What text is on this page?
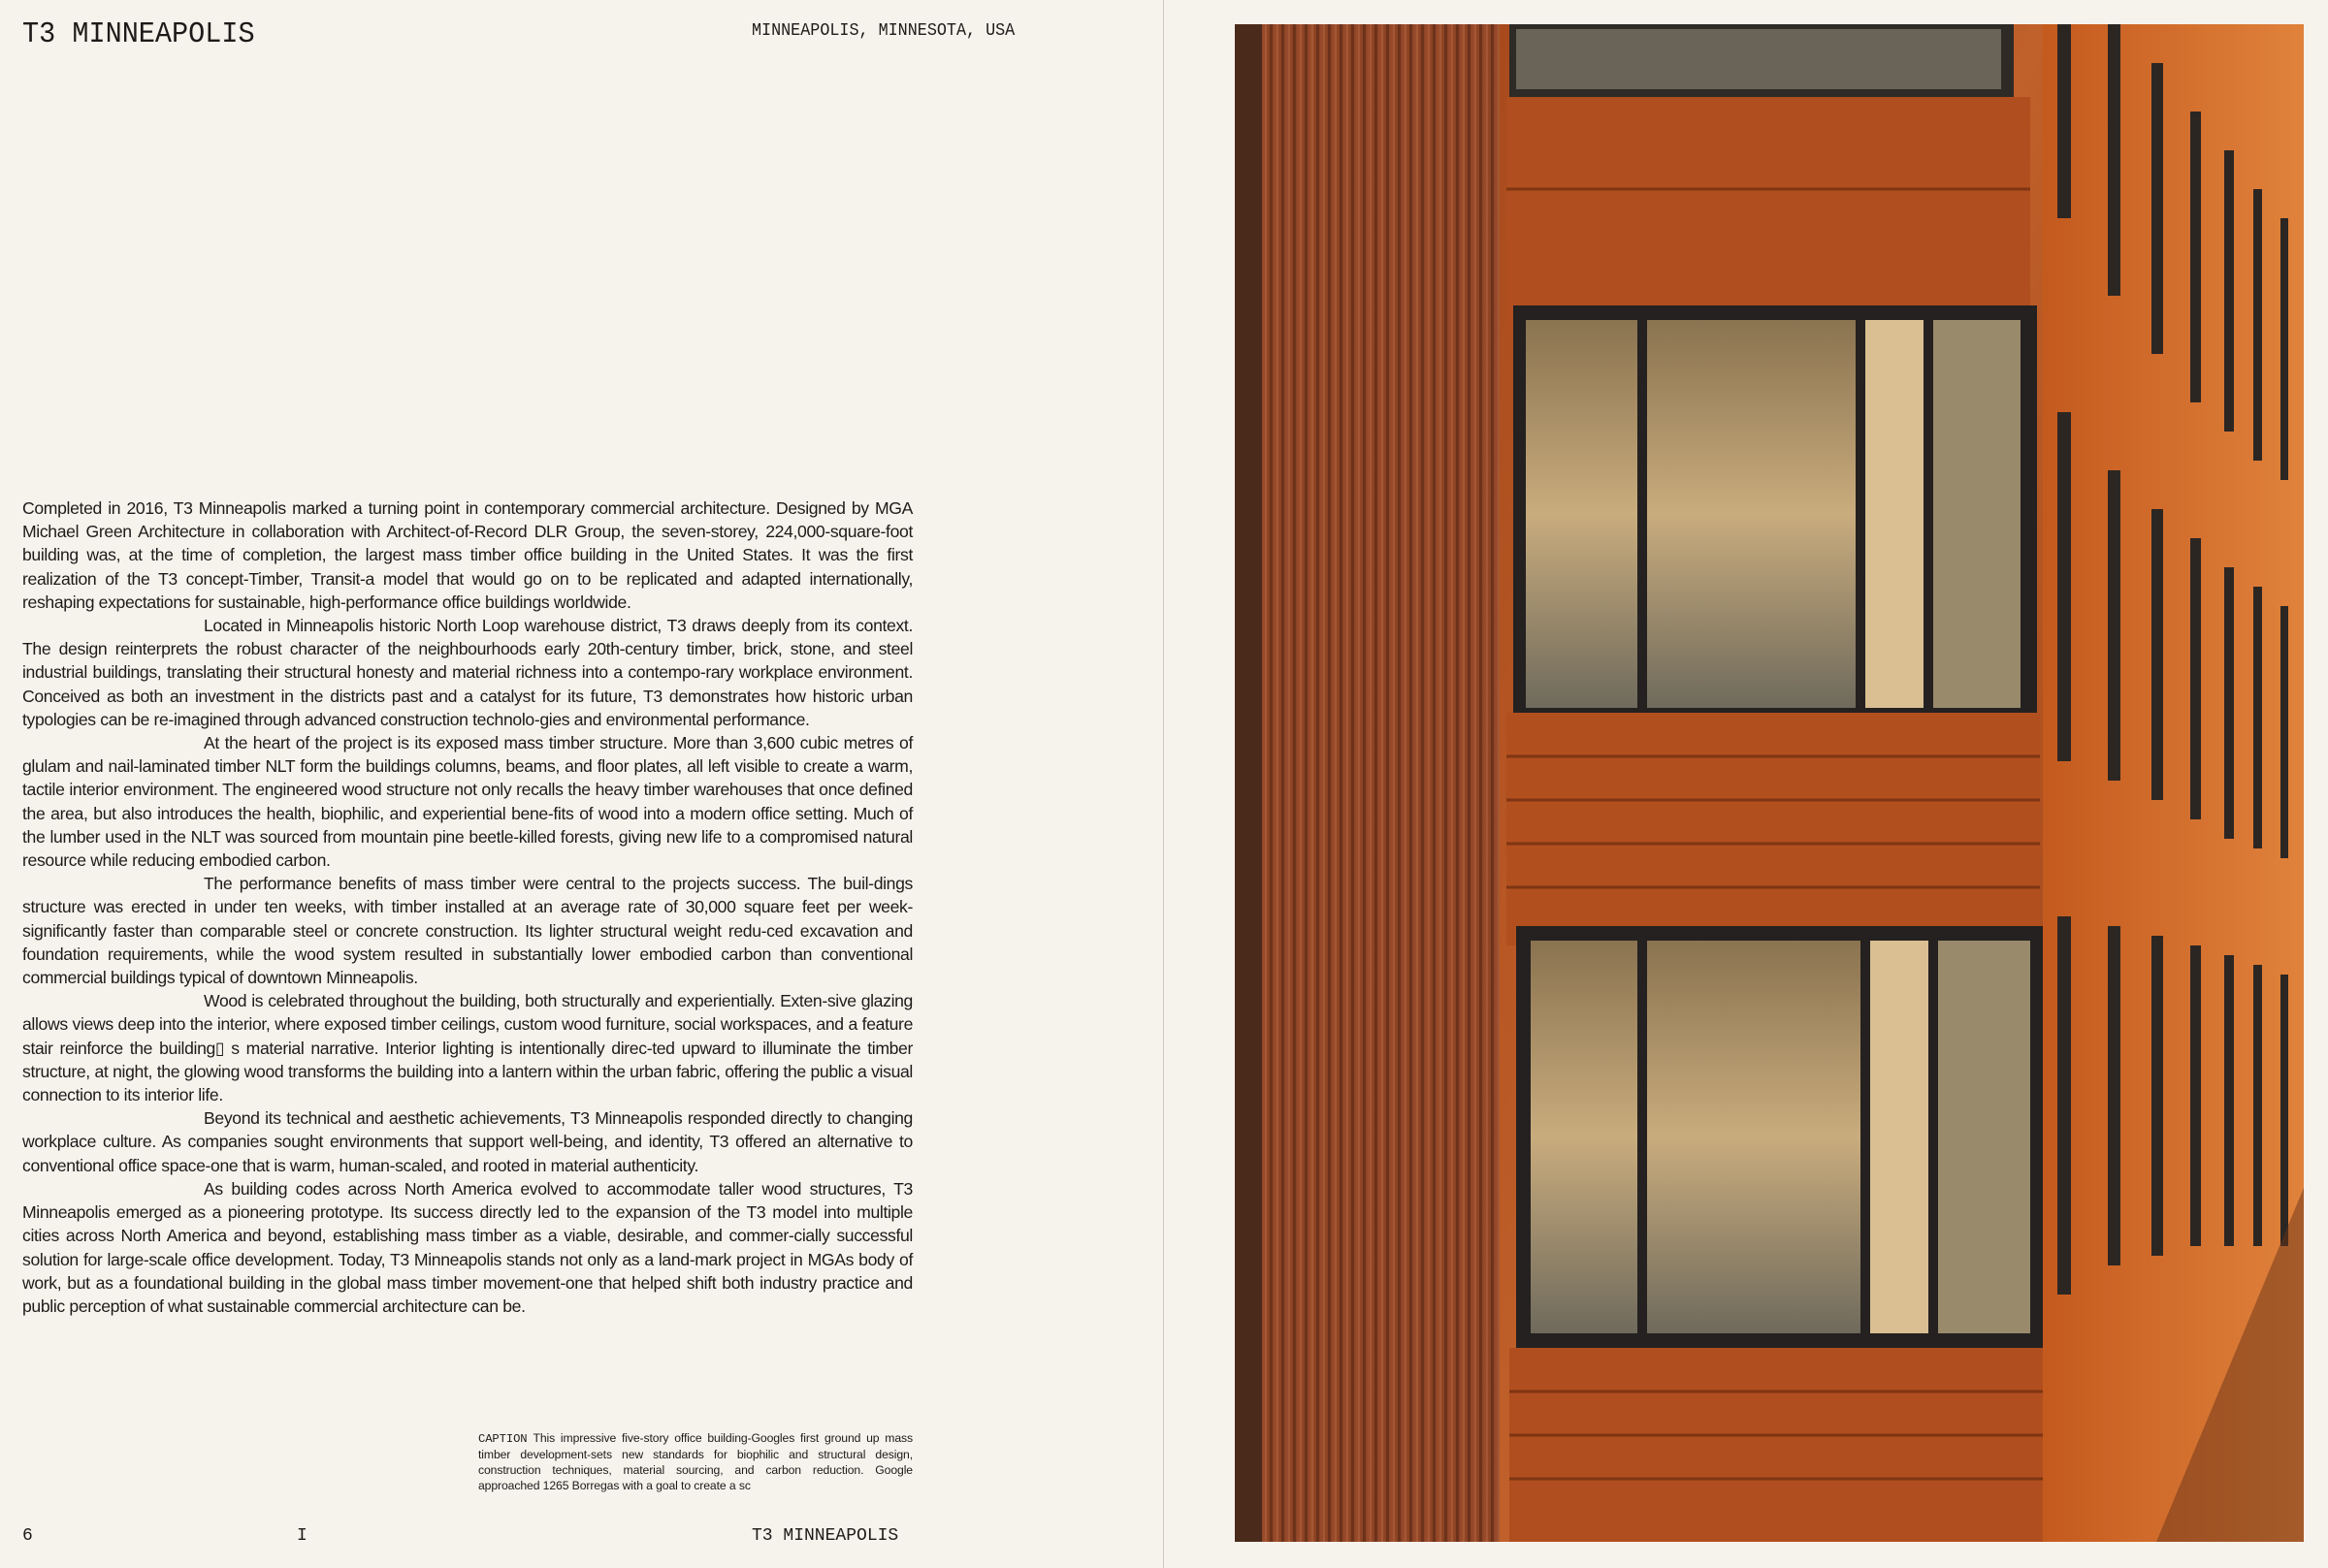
T3 MINNEAPOLIS	MINNEAPOLIS, MINNESOTA, USA

Completed in 2016, T3 Minneapolis marked a turning point in contemporary commercial architecture. Designed by MGA Michael Green Architecture in collaboration with Architect-of-Record DLR Group, the seven-storey, 224,000-square-foot building was, at the time of completion, the largest mass timber office building in the United States. It was the first realization of the T3 concept-Timber, Transit-a model that would go on to be replicated and adapted internationally, reshaping expectations for sustainable, high-performance office buildings worldwide.

Located in Minneapolis historic North Loop warehouse district, T3 draws deeply from its context. The design reinterprets the robust character of the neighbourhoods early 20th-century timber, brick, stone, and steel industrial buildings, translating their structural honesty and material richness into a contempo-rary workplace environment. Conceived as both an investment in the districts past and a catalyst for its future, T3 demonstrates how historic urban typologies can be re-imagined through advanced construction technolo-gies and environmental performance.

At the heart of the project is its exposed mass timber structure. More than 3,600 cubic metres of glulam and nail-laminated timber NLT form the buildings columns, beams, and floor plates, all left visible to create a warm, tactile interior environment. The engineered wood structure not only recalls the heavy timber warehouses that once defined the area, but also introduces the health, biophilic, and experiential bene-fits of wood into a modern office setting. Much of the lumber used in the NLT was sourced from mountain pine beetle-killed forests, giving new life to a compromised natural resource while reducing embodied carbon.

The performance benefits of mass timber were central to the projects success. The buil-dings structure was erected in under ten weeks, with timber installed at an average rate of 30,000 square feet per week-significantly faster than comparable steel or concrete construction. Its lighter structural weight redu-ced excavation and foundation requirements, while the wood system resulted in substantially lower embodied carbon than conventional commercial buildings typical of downtown Minneapolis.

Wood is celebrated throughout the building, both structurally and experientially. Exten-sive glazing allows views deep into the interior, where exposed timber ceilings, custom wood furniture, social workspaces, and a feature stair reinforce the building▯ s material narrative. Interior lighting is intentionally direc-ted upward to illuminate the timber structure, at night, the glowing wood transforms the building into a lantern within the urban fabric, offering the public a visual connection to its interior life.

Beyond its technical and aesthetic achievements, T3 Minneapolis responded directly to changing workplace culture. As companies sought environments that support well-being, and identity, T3 offered an alternative to conventional office space-one that is warm, human-scaled, and rooted in material authenticity.

As building codes across North America evolved to accommodate taller wood structures, T3 Minneapolis emerged as a pioneering prototype. Its success directly led to the expansion of the T3 model into multiple cities across North America and beyond, establishing mass timber as a viable, desirable, and commer-cially successful solution for large-scale office development. Today, T3 Minneapolis stands not only as a land-mark project in MGAs body of work, but as a foundational building in the global mass timber movement-one that helped shift both industry practice and public perception of what sustainable commercial architecture can be.

CAPTION This impressive five-story office building-Googles first ground up mass timber development-sets new standards for biophilic and structural design, construction techniques, material sourcing, and carbon reduction. Google approached 1265 Borregas with a goal to create a sc
6	I	T3 MINNEAPOLIS
